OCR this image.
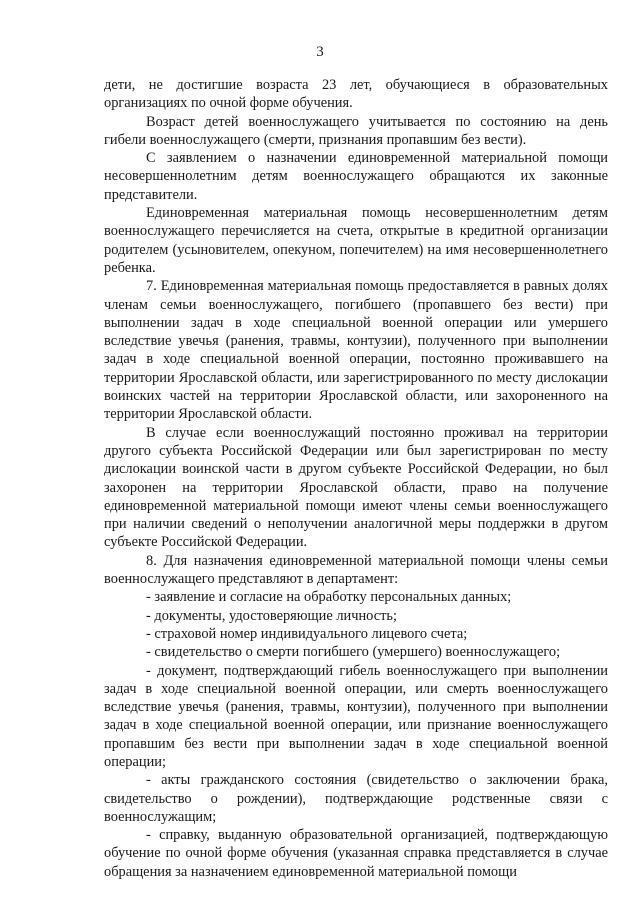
3

дети, не достигшие возраста 23 лет, обучающиеся в образовательных организациях по очной форме обучения.

Возраст детей военнослужащего учитывается по состоянию на день гибели военнослужащего (смерти, признания пропавшим без вести).

С заявлением о назначении единовременной материальной помощи несовершеннолетним детям военнослужащего обращаются их законные представители.

Единовременная материальная помощь несовершеннолетним детям военнослужащего перечисляется на счета, открытые в кредитной организации родителем (усыновителем, опекуном, попечителем) на имя несовершеннолетнего ребенка.

7. Единовременная материальная помощь предоставляется в равных долях членам семьи военнослужащего, погибшего (пропавшего без вести) при выполнении задач в ходе специальной военной операции или умершего вследствие увечья (ранения, травмы, контузии), полученного при выполнении задач в ходе специальной военной операции, постоянно проживавшего на территории Ярославской области, или зарегистрированного по месту дислокации воинских частей на территории Ярославской области, или захороненного на территории Ярославской области.

В случае если военнослужащий постоянно проживал на территории другого субъекта Российской Федерации или был зарегистрирован по месту дислокации воинской части в другом субъекте Российской Федерации, но был захоронен на территории Ярославской области, право на получение единовременной материальной помощи имеют члены семьи военнослужащего при наличии сведений о неполучении аналогичной меры поддержки в другом субъекте Российской Федерации.

8. Для назначения единовременной материальной помощи члены семьи военнослужащего представляют в департамент:

- заявление и согласие на обработку персональных данных;

- документы, удостоверяющие личность;

- страховой номер индивидуального лицевого счета;

- свидетельство о смерти погибшего (умершего) военнослужащего;

- документ, подтверждающий гибель военнослужащего при выполнении задач в ходе специальной военной операции, или смерть военнослужащего вследствие увечья (ранения, травмы, контузии), полученного при выполнении задач в ходе специальной военной операции, или признание военнослужащего пропавшим без вести при выполнении задач в ходе специальной военной операции;

- акты гражданского состояния (свидетельство о заключении брака, свидетельство о рождении), подтверждающие родственные связи с военнослужащим;

- справку, выданную образовательной организацией, подтверждающую обучение по очной форме обучения (указанная справка представляется в случае обращения за назначением единовременной материальной помощи
